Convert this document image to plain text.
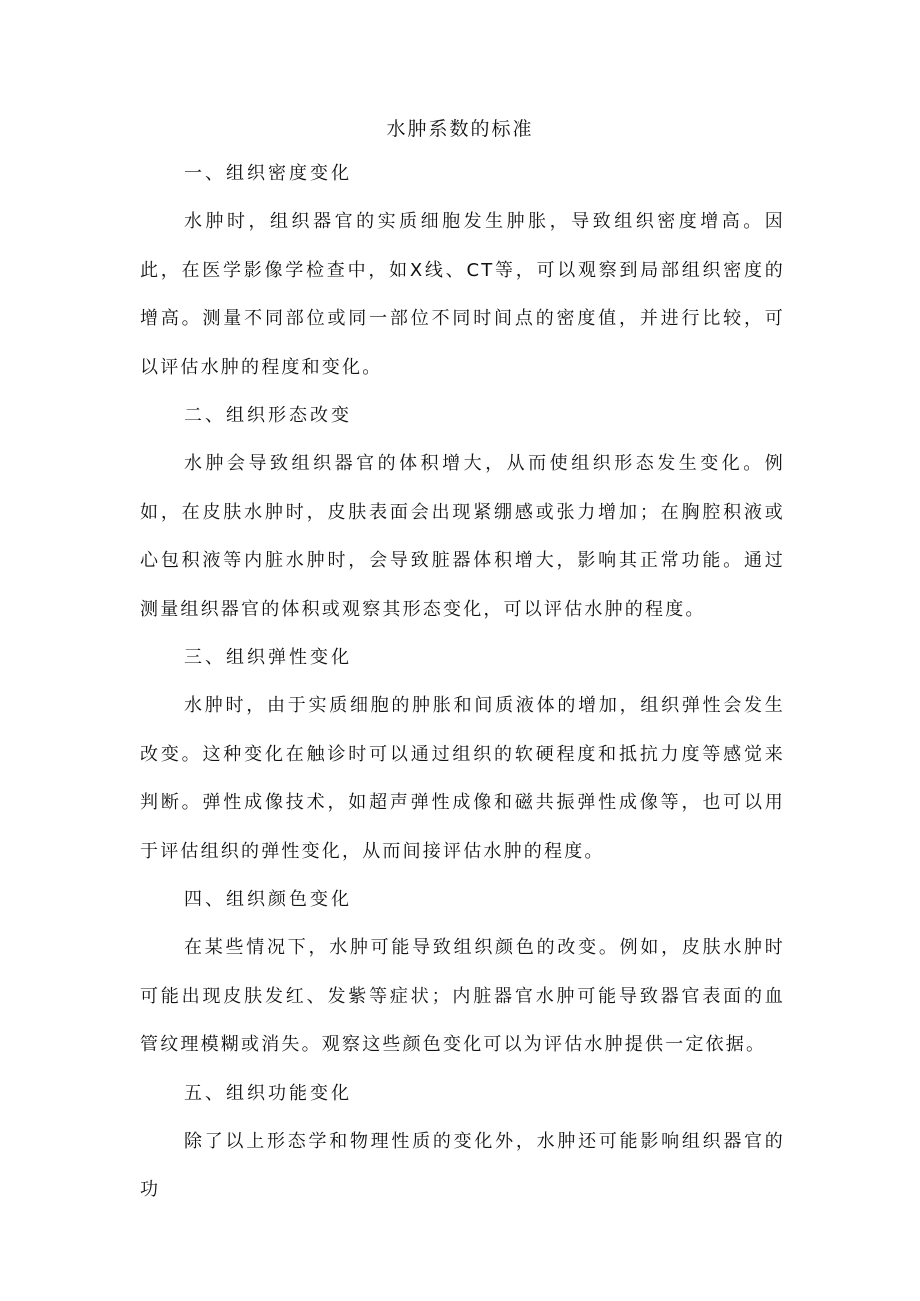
水肿系数的标准
一、组织密度变化

水肿时，组织器官的实质细胞发生肿胀，导致组织密度增高。因此，在医学影像学检查中，如X线、CT等，可以观察到局部组织密度的增高。测量不同部位或同一部位不同时间点的密度值，并进行比较，可以评估水肿的程度和变化。

二、组织形态改变

水肿会导致组织器官的体积增大，从而使组织形态发生变化。例如，在皮肤水肿时，皮肤表面会出现紧绷感或张力增加；在胸腔积液或心包积液等内脏水肿时，会导致脏器体积增大，影响其正常功能。通过测量组织器官的体积或观察其形态变化，可以评估水肿的程度。

三、组织弹性变化

水肿时，由于实质细胞的肿胀和间质液体的增加，组织弹性会发生改变。这种变化在触诊时可以通过组织的软硬程度和抵抗力度等感觉来判断。弹性成像技术，如超声弹性成像和磁共振弹性成像等，也可以用于评估组织的弹性变化，从而间接评估水肿的程度。

四、组织颜色变化

在某些情况下，水肿可能导致组织颜色的改变。例如，皮肤水肿时可能出现皮肤发红、发紫等症状；内脏器官水肿可能导致器官表面的血管纹理模糊或消失。观察这些颜色变化可以为评估水肿提供一定依据。

五、组织功能变化

除了以上形态学和物理性质的变化外，水肿还可能影响组织器官的功
